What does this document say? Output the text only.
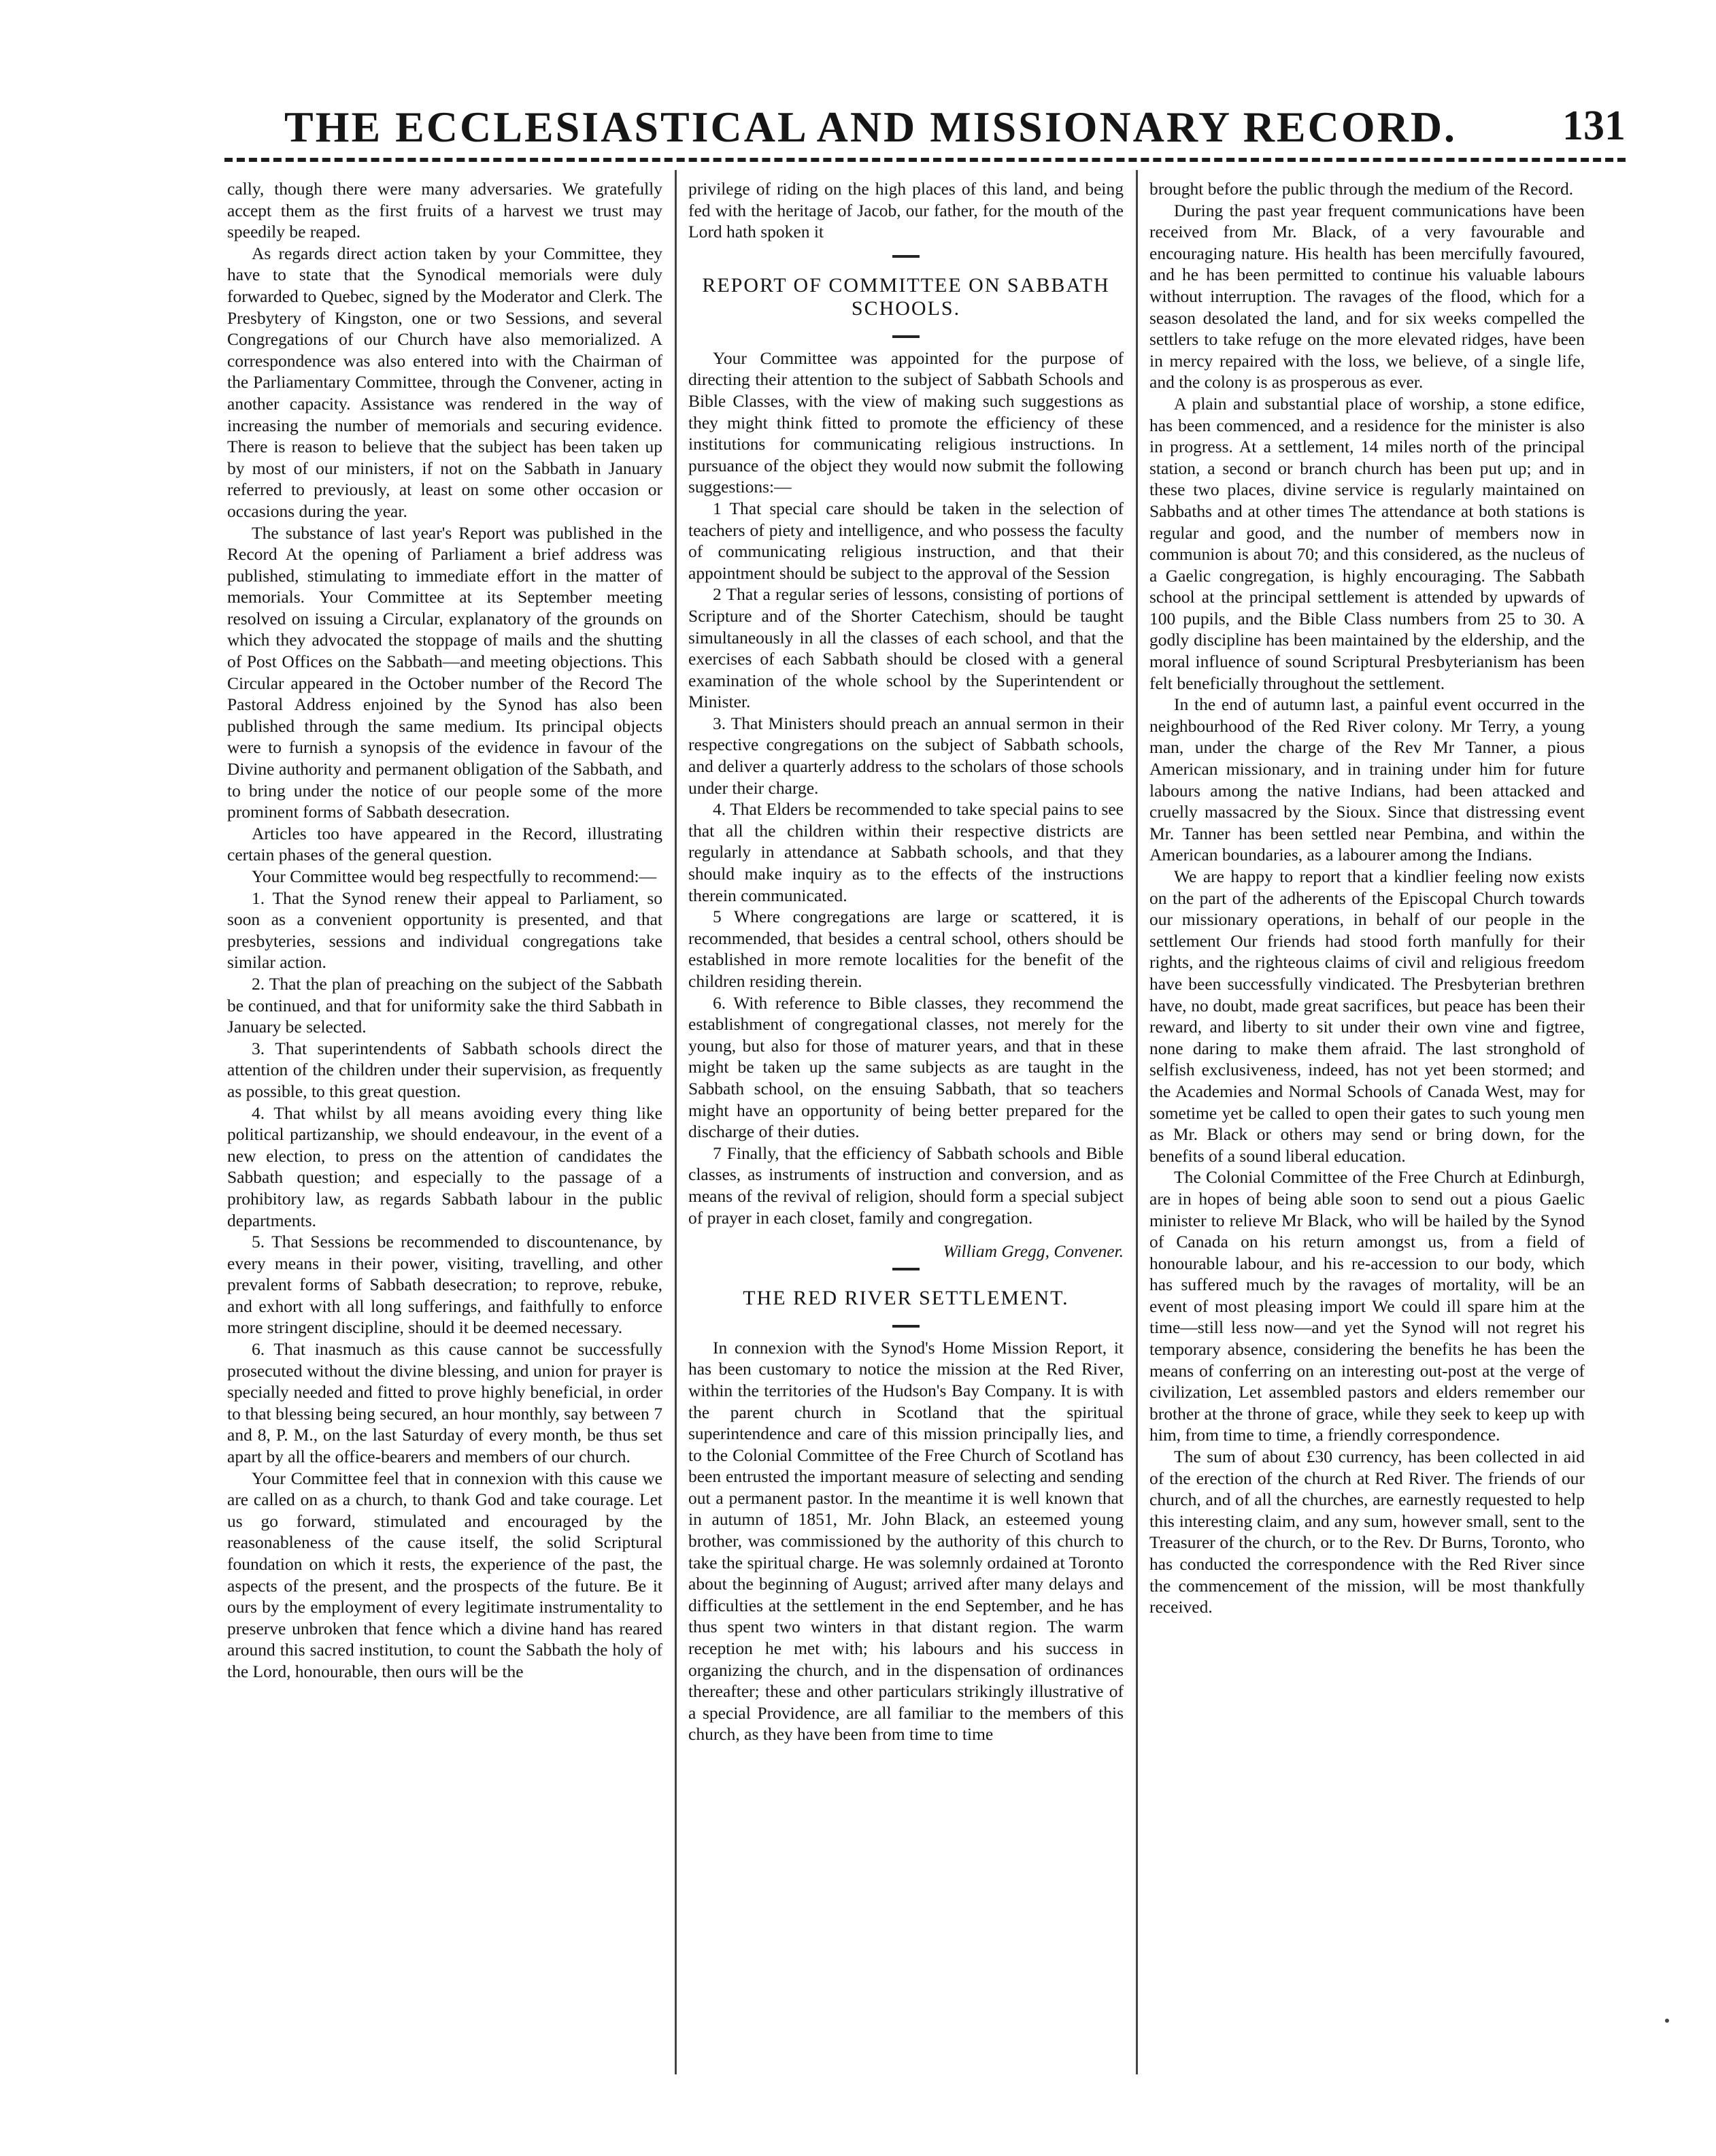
THE ECCLESIASTICAL AND MISSIONARY RECORD.	131

cally, though there were many adversaries. We gratefully accept them as the first fruits of a harvest we trust may speedily be reaped.

As regards direct action taken by your Committee, they have to state that the Synodical memorials were duly forwarded to Quebec, signed by the Moderator and Clerk. The Presbytery of Kingston, one or two Sessions, and several Congregations of our Church have also memorialized. A correspondence was also entered into with the Chairman of the Parliamentary Committee, through the Convener, acting in another capacity. Assistance was rendered in the way of increasing the number of memorials and securing evidence. There is reason to believe that the subject has been taken up by most of our ministers, if not on the Sabbath in January referred to previously, at least on some other occasion or occasions during the year.

The substance of last year's Report was published in the Record At the opening of Parliament a brief address was published, stimulating to immediate effort in the matter of memorials. Your Committee at its September meeting resolved on issuing a Circular, explanatory of the grounds on which they advocated the stoppage of mails and the shutting of Post Offices on the Sabbath—and meeting objections. This Circular appeared in the October number of the Record The Pastoral Address enjoined by the Synod has also been published through the same medium. Its principal objects were to furnish a synopsis of the evidence in favour of the Divine authority and permanent obligation of the Sabbath, and to bring under the notice of our people some of the more prominent forms of Sabbath desecration.

Articles too have appeared in the Record, illustrating certain phases of the general question.

Your Committee would beg respectfully to recommend:—

1. That the Synod renew their appeal to Parliament, so soon as a convenient opportunity is presented, and that presbyteries, sessions and individual congregations take similar action.

2. That the plan of preaching on the subject of the Sabbath be continued, and that for uniformity sake the third Sabbath in January be selected.

3. That superintendents of Sabbath schools direct the attention of the children under their supervision, as frequently as possible, to this great question.

4. That whilst by all means avoiding every thing like political partizanship, we should endeavour, in the event of a new election, to press on the attention of candidates the Sabbath question; and especially to the passage of a prohibitory law, as regards Sabbath labour in the public departments.

5. That Sessions be recommended to discountenance, by every means in their power, visiting, travelling, and other prevalent forms of Sabbath desecration; to reprove, rebuke, and exhort with all long sufferings, and faithfully to enforce more stringent discipline, should it be deemed necessary.

6. That inasmuch as this cause cannot be successfully prosecuted without the divine blessing, and union for prayer is specially needed and fitted to prove highly beneficial, in order to that blessing being secured, an hour monthly, say between 7 and 8, P. M., on the last Saturday of every month, be thus set apart by all the office-bearers and members of our church.

Your Committee feel that in connexion with this cause we are called on as a church, to thank God and take courage. Let us go forward, stimulated and encouraged by the reasonableness of the cause itself, the solid Scriptural foundation on which it rests, the experience of the past, the aspects of the present, and the prospects of the future. Be it ours by the employment of every legitimate instrumentality to preserve unbroken that fence which a divine hand has reared around this sacred institution, to count the Sabbath the holy of the Lord, honourable, then ours will be the

privilege of riding on the high places of this land, and being fed with the heritage of Jacob, our father, for the mouth of the Lord hath spoken it

REPORT OF COMMITTEE ON SABBATH SCHOOLS.

Your Committee was appointed for the purpose of directing their attention to the subject of Sabbath Schools and Bible Classes, with the view of making such suggestions as they might think fitted to promote the efficiency of these institutions for communicating religious instructions. In pursuance of the object they would now submit the following suggestions:—

1 That special care should be taken in the selection of teachers of piety and intelligence, and who possess the faculty of communicating religious instruction, and that their appointment should be subject to the approval of the Session

2 That a regular series of lessons, consisting of portions of Scripture and of the Shorter Catechism, should be taught simultaneously in all the classes of each school, and that the exercises of each Sabbath should be closed with a general examination of the whole school by the Superintendent or Minister.

3. That Ministers should preach an annual sermon in their respective congregations on the subject of Sabbath schools, and deliver a quarterly address to the scholars of those schools under their charge.

4. That Elders be recommended to take special pains to see that all the children within their respective districts are regularly in attendance at Sabbath schools, and that they should make inquiry as to the effects of the instructions therein communicated.

5 Where congregations are large or scattered, it is recommended, that besides a central school, others should be established in more remote localities for the benefit of the children residing therein.

6. With reference to Bible classes, they recommend the establishment of congregational classes, not merely for the young, but also for those of maturer years, and that in these might be taken up the same subjects as are taught in the Sabbath school, on the ensuing Sabbath, that so teachers might have an opportunity of being better prepared for the discharge of their duties.

7 Finally, that the efficiency of Sabbath schools and Bible classes, as instruments of instruction and conversion, and as means of the revival of religion, should form a special subject of prayer in each closet, family and congregation.

William Gregg, Convener.
THE RED RIVER SETTLEMENT.

In connexion with the Synod's Home Mission Report, it has been customary to notice the mission at the Red River, within the territories of the Hudson's Bay Company. It is with the parent church in Scotland that the spiritual superintendence and care of this mission principally lies, and to the Colonial Committee of the Free Church of Scotland has been entrusted the important measure of selecting and sending out a permanent pastor. In the meantime it is well known that in autumn of 1851, Mr. John Black, an esteemed young brother, was commissioned by the authority of this church to take the spiritual charge. He was solemnly ordained at Toronto about the beginning of August; arrived after many delays and difficulties at the settlement in the end September, and he has thus spent two winters in that distant region. The warm reception he met with; his labours and his success in organizing the church, and in the dispensation of ordinances thereafter; these and other particulars strikingly illustrative of a special Providence, are all familiar to the members of this church, as they have been from time to time

brought before the public through the medium of the Record.

During the past year frequent communications have been received from Mr. Black, of a very favourable and encouraging nature. His health has been mercifully favoured, and he has been permitted to continue his valuable labours without interruption. The ravages of the flood, which for a season desolated the land, and for six weeks compelled the settlers to take refuge on the more elevated ridges, have been in mercy repaired with the loss, we believe, of a single life, and the colony is as prosperous as ever.

A plain and substantial place of worship, a stone edifice, has been commenced, and a residence for the minister is also in progress. At a settlement, 14 miles north of the principal station, a second or branch church has been put up; and in these two places, divine service is regularly maintained on Sabbaths and at other times The attendance at both stations is regular and good, and the number of members now in communion is about 70; and this considered, as the nucleus of a Gaelic congregation, is highly encouraging. The Sabbath school at the principal settlement is attended by upwards of 100 pupils, and the Bible Class numbers from 25 to 30. A godly discipline has been maintained by the eldership, and the moral influence of sound Scriptural Presbyterianism has been felt beneficially throughout the settlement.

In the end of autumn last, a painful event occurred in the neighbourhood of the Red River colony. Mr Terry, a young man, under the charge of the Rev Mr Tanner, a pious American missionary, and in training under him for future labours among the native Indians, had been attacked and cruelly massacred by the Sioux. Since that distressing event Mr. Tanner has been settled near Pembina, and within the American boundaries, as a labourer among the Indians.

We are happy to report that a kindlier feeling now exists on the part of the adherents of the Episcopal Church towards our missionary operations, in behalf of our people in the settlement Our friends had stood forth manfully for their rights, and the righteous claims of civil and religious freedom have been successfully vindicated. The Presbyterian brethren have, no doubt, made great sacrifices, but peace has been their reward, and liberty to sit under their own vine and figtree, none daring to make them afraid. The last stronghold of selfish exclusiveness, indeed, has not yet been stormed; and the Academies and Normal Schools of Canada West, may for sometime yet be called to open their gates to such young men as Mr. Black or others may send or bring down, for the benefits of a sound liberal education.

The Colonial Committee of the Free Church at Edinburgh, are in hopes of being able soon to send out a pious Gaelic minister to relieve Mr Black, who will be hailed by the Synod of Canada on his return amongst us, from a field of honourable labour, and his re-accession to our body, which has suffered much by the ravages of mortality, will be an event of most pleasing import We could ill spare him at the time—still less now—and yet the Synod will not regret his temporary absence, considering the benefits he has been the means of conferring on an interesting out-post at the verge of civilization, Let assembled pastors and elders remember our brother at the throne of grace, while they seek to keep up with him, from time to time, a friendly correspondence.

The sum of about £30 currency, has been collected in aid of the erection of the church at Red River. The friends of our church, and of all the churches, are earnestly requested to help this interesting claim, and any sum, however small, sent to the Treasurer of the church, or to the Rev. Dr Burns, Toronto, who has conducted the correspondence with the Red River since the commencement of the mission, will be most thankfully received.
